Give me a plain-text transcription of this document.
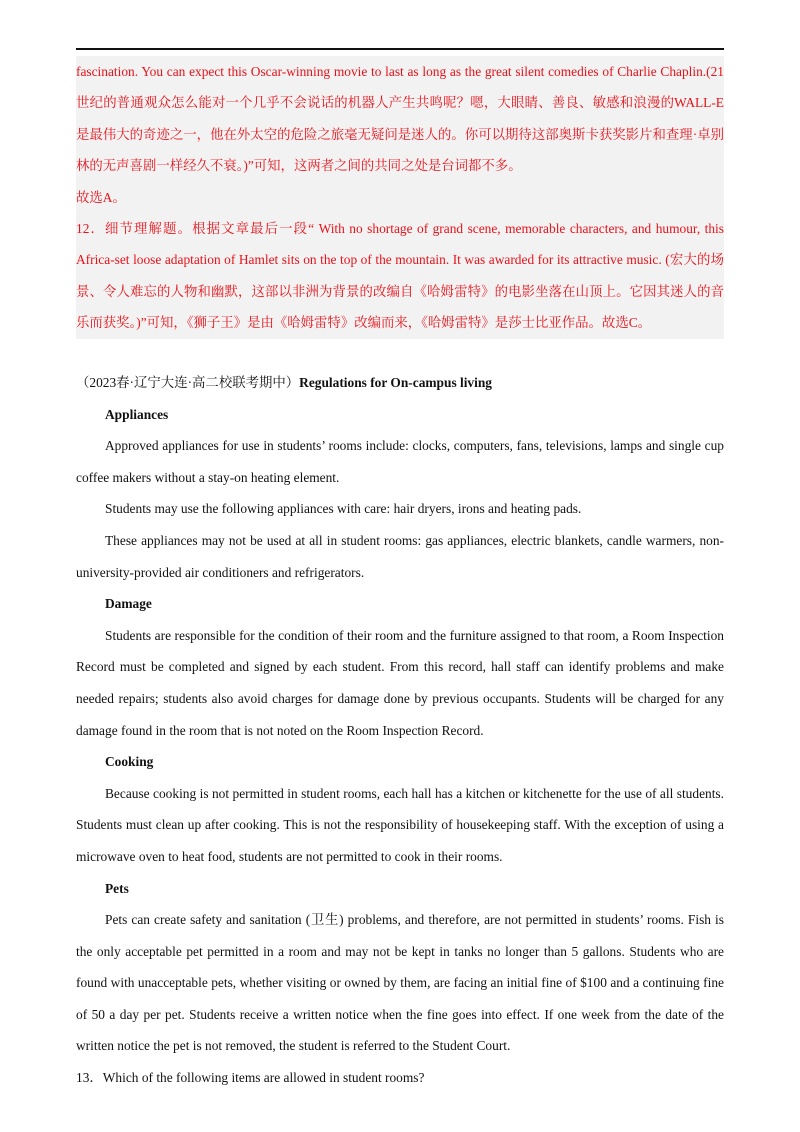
fascination. You can expect this Oscar-winning movie to last as long as the great silent comedies of Charlie Chaplin.(21世纪的普通观众怎么能对一个几乎不会说话的机器人产生共鸣呢？嗯，大眼睛、善良、敏感和浪漫的WALL-E是最伟大的奇迹之一，他在外太空的危险之旅毫无疑问是迷人的。你可以期待这部奥斯卡获奖影片和查理·卓别林的无声喜剧一样经久不衰。)”可知，这两者之间的共同之处是台词都不多。

故选A。

12．细节理解题。根据文章最后一段“ With no shortage of grand scene, memorable characters, and humour, this Africa-set loose adaptation of Hamlet sits on the top of the mountain. It was awarded for its attractive music. (宏大的场景、令人难忘的人物和幽默，这部以非洲为背景的改编自《哈姆雷特》的电影坐落在山顶上。它因其迷人的音乐而获奖。)”可知，《狮子王》是由《哈姆雷特》改编而来，《哈姆雷特》是莎士比亚作品。故选C。

（2023春·辽宁大连·高二校联考期中）Regulations for On-campus living

Appliances

Approved appliances for use in students’ rooms include: clocks, computers, fans, televisions, lamps and single cup coffee makers without a stay-on heating element.

Students may use the following appliances with care: hair dryers, irons and heating pads.

These appliances may not be used at all in student rooms: gas appliances, electric blankets, candle warmers, non-university-provided air conditioners and refrigerators.

Damage

Students are responsible for the condition of their room and the furniture assigned to that room, a Room Inspection Record must be completed and signed by each student. From this record, hall staff can identify problems and make needed repairs; students also avoid charges for damage done by previous occupants. Students will be charged for any damage found in the room that is not noted on the Room Inspection Record.

Cooking

Because cooking is not permitted in student rooms, each hall has a kitchen or kitchenette for the use of all students. Students must clean up after cooking. This is not the responsibility of housekeeping staff. With the exception of using a microwave oven to heat food, students are not permitted to cook in their rooms.

Pets

Pets can create safety and sanitation (卫生) problems, and therefore, are not permitted in students’ rooms. Fish is the only acceptable pet permitted in a room and may not be kept in tanks no longer than 5 gallons. Students who are found with unacceptable pets, whether visiting or owned by them, are facing an initial fine of $100 and a continuing fine of 50 a day per pet. Students receive a written notice when the fine goes into effect. If one week from the date of the written notice the pet is not removed, the student is referred to the Student Court.

13．Which of the following items are allowed in student rooms?
